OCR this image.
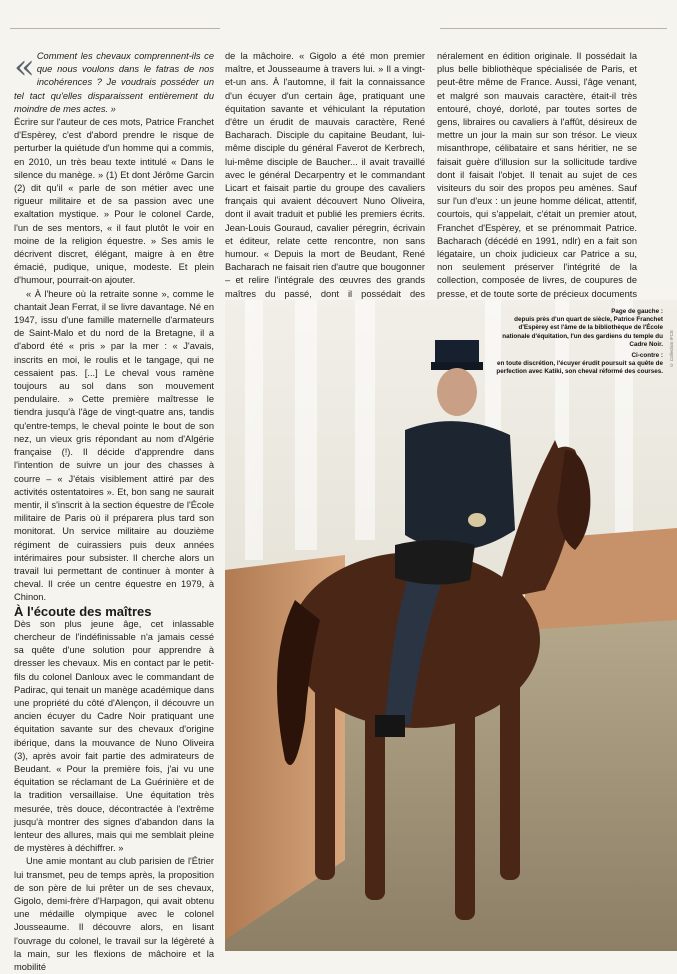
« Comment les chevaux comprennent-ils ce que nous voulons dans le fatras de nos incohérences ? Je voudrais posséder un tel tact qu'elles disparaissent entièrement du moindre de mes actes. »

Écrire sur l'auteur de ces mots, Patrice Franchet d'Espèrey, c'est d'abord prendre le risque de perturber la quiétude d'un homme qui a commis, en 2010, un très beau texte intitulé « Dans le silence du manège. » (1) Et dont Jérôme Garcin (2) dit qu'il « parle de son métier avec une rigueur militaire et de sa passion avec une exaltation mystique. » Pour le colonel Carde, l'un de ses mentors, « il faut plutôt le voir en moine de la religion équestre. » Ses amis le décrivent discret, élégant, maigre à en être émacié, pudique, unique, modeste. Et plein d'humour, pourrait-on ajouter.

« À l'heure où la retraite sonne », comme le chantait Jean Ferrat, il se livre davantage. Né en 1947, issu d'une famille maternelle d'armateurs de Saint-Malo et du nord de la Bretagne, il a d'abord été « pris » par la mer : « J'avais, inscrits en moi, le roulis et le tangage, qui ne cessaient pas. [...] Le cheval vous ramène toujours au sol dans son mouvement pendulaire. » Cette première maîtresse le tiendra jusqu'à l'âge de vingt-quatre ans, tandis qu'entre-temps, le cheval pointe le bout de son nez, un vieux gris répondant au nom d'Algérie française (!). Il décide d'apprendre dans l'intention de suivre un jour des chasses à courre – « J'étais visiblement attiré par des activités ostentatoires ». Et, bon sang ne saurait mentir, il s'inscrit à la section équestre de l'École militaire de Paris où il préparera plus tard son monitorat. Un service militaire au douzième régiment de cuirassiers puis deux années intérimaires pour subsister. Il cherche alors un travail lui permettant de continuer à monter à cheval. Il crée un centre équestre en 1979, à Chinon.

À l'écoute des maîtres

Dès son plus jeune âge, cet inlassable chercheur de l'indéfinissable n'a jamais cessé sa quête d'une solution pour apprendre à dresser les chevaux. Mis en contact par le petit-fils du colonel Danloux avec le commandant de Padirac, qui tenait un manège académique dans une propriété du côté d'Alençon, il découvre un ancien écuyer du Cadre Noir pratiquant une équitation savante sur des chevaux d'origine ibérique, dans la mouvance de Nuno Oliveira (3), après avoir fait partie des admirateurs de Beudant. « Pour la première fois, j'ai vu une équitation se réclamant de La Guérinière et de la tradition versaillaise. Une équitation très mesurée, très douce, décontractée à l'extrême jusqu'à montrer des signes d'abandon dans la lenteur des allures, mais qui me semblait pleine de mystères à déchiffrer. »

Une amie montant au club parisien de l'Étrier lui transmet, peu de temps après, la proposition de son père de lui prêter un de ses chevaux, Gigolo, demi-frère d'Harpagon, qui avait obtenu une médaille olympique avec le colonel Jousseaume. Il découvre alors, en lisant l'ouvrage du colonel, le travail sur la légèreté à la main, sur les flexions de mâchoire et la mobilité

de la mâchoire. « Gigolo a été mon premier maître, et Jousseaume à travers lui. » Il a vingt-et-un ans. À l'automne, il fait la connaissance d'un écuyer d'un certain âge, pratiquant une équitation savante et véhiculant la réputation d'être un érudit de mauvais caractère, René Bacharach. Disciple du capitaine Beudant, lui-même disciple du général Faverot de Kerbrech, lui-même disciple de Baucher... il avait travaillé avec le général Decarpentry et le commandant Licart et faisait partie du groupe des cavaliers français qui avaient découvert Nuno Oliveira, dont il avait traduit et publié les premiers écrits. Jean-Louis Gouraud, cavalier péregrin, écrivain et éditeur, relate cette rencontre, non sans humour. « Depuis la mort de Beudant, René Bacharach ne faisait rien d'autre que bougonner – et relire l'intégrale des œuvres des grands maîtres du passé, dont il possédait des

néralement en édition originale. Il possédait la plus belle bibliothèque spécialisée de Paris, et peut-être même de France. Aussi, l'âge venant, et malgré son mauvais caractère, était-il très entouré, choyé, dorloté, par toutes sortes de gens, libraires ou cavaliers à l'affût, désireux de mettre un jour la main sur son trésor. Le vieux misanthrope, célibataire et sans héritier, ne se faisait guère d'illusion sur la sollicitude tardive dont il faisait l'objet. Il tenait au sujet de ces visiteurs du soir des propos peu amènes. Sauf sur l'un d'eux : un jeune homme délicat, attentif, courtois, qui s'appelait, c'était un premier atout, Franchet d'Espèrey, et se prénommait Patrice. Bacharach (décédé en 1991, ndlr) en a fait son légataire, un choix judicieux car Patrice a su, non seulement préserver l'intégrité de la collection, composée de livres, de coupures de presse, et de toute sorte de précieux documents

Page de gauche :
depuis près d'un quart de siècle, Patrice Franchet d'Espèrey est l'âme de la bibliothèque de l'École nationale d'équitation, l'un des gardiens du temple du Cadre Noir.
Ci-contre :
en toute discrétion, l'écuyer érudit poursuit sa quête de perfection avec Katiki, son cheval réformé des courses.
© Collection IFCE
